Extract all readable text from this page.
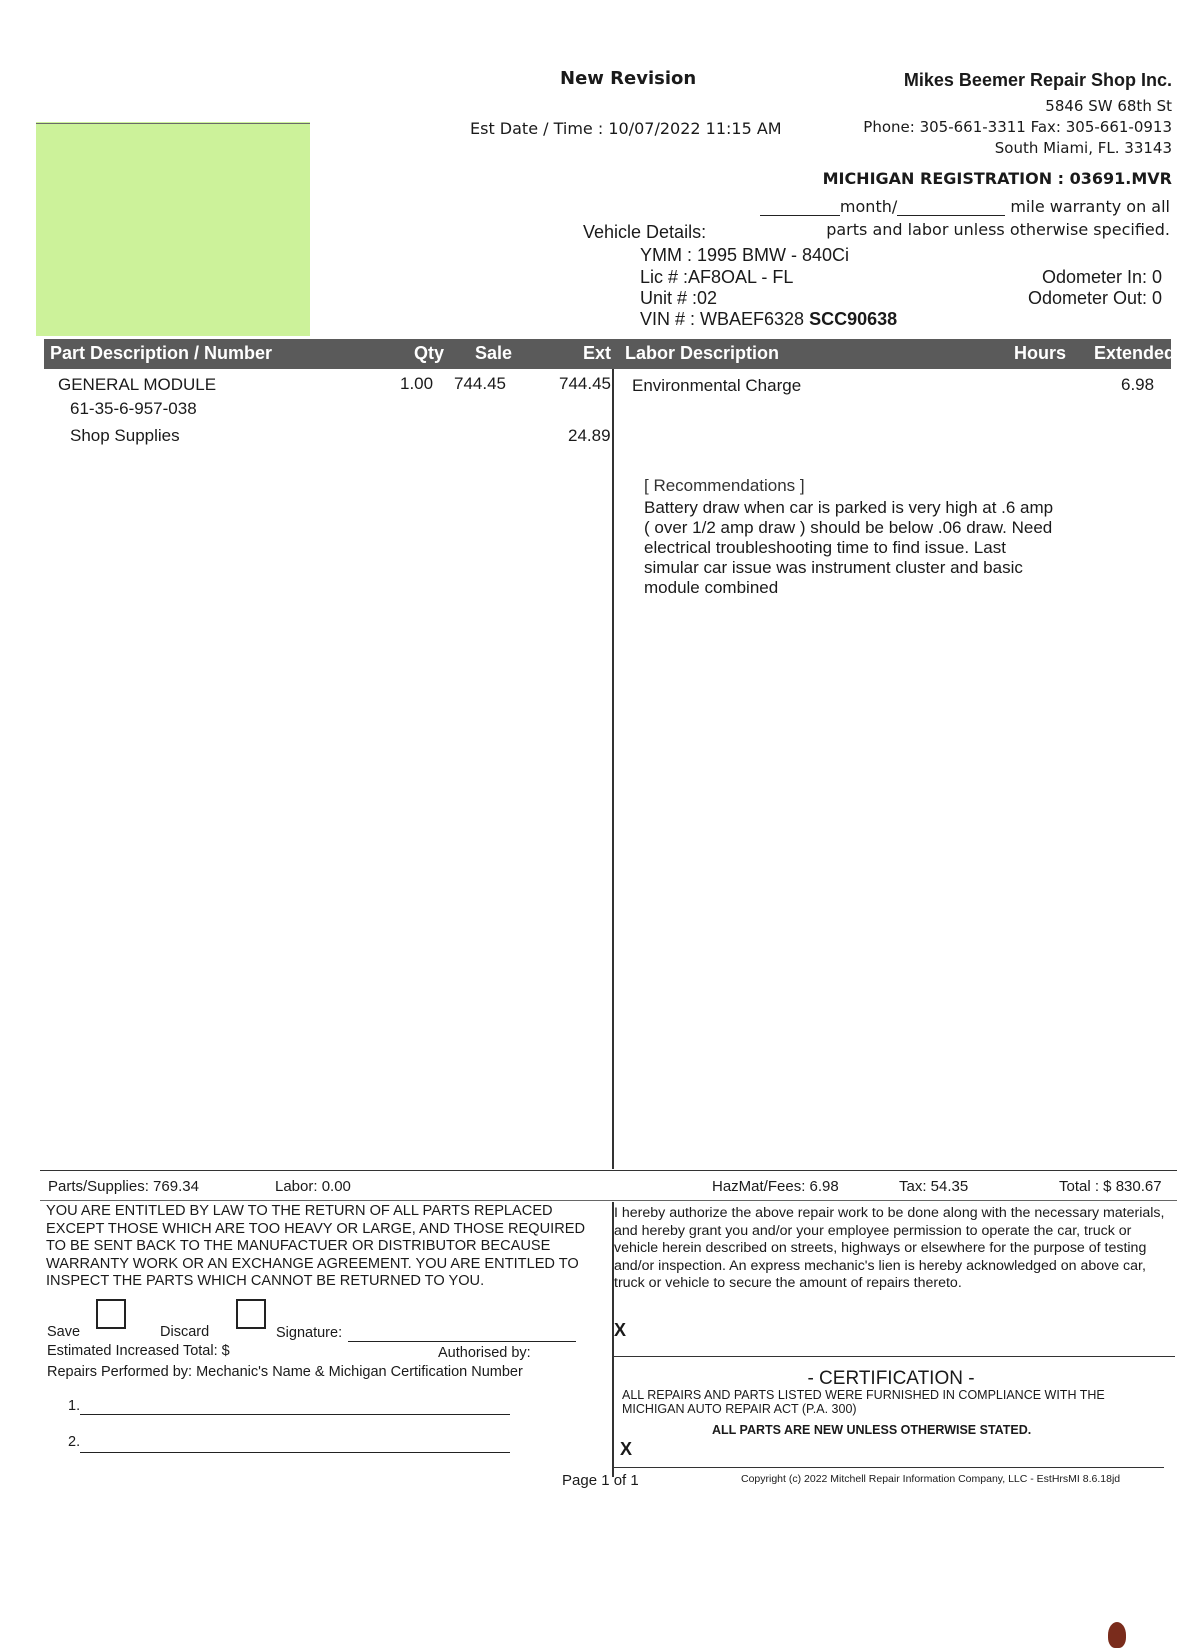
New Revision
Est Date / Time : 10/07/2022 11:15 AM
Mikes Beemer Repair Shop Inc.
5846 SW 68th St
Phone: 305-661-3311 Fax: 305-661-0913
South Miami, FL. 33143
MICHIGAN REGISTRATION : 03691.MVR
month/	mile warranty on all
parts and labor unless otherwise specified.
Vehicle Details:
YMM : 1995 BMW - 840Ci
Lic # :AF8OAL - FL
Unit # :02
VIN # : WBAEF6328 SCC90638
Odometer In: 0
Odometer Out: 0
Part Description / Number	Qty Sale	Ext Labor Description	Hours Extended
GENERAL MODULE	1.00 744.45	744.45
61-35-6-957-038
Shop Supplies	24.89
Environmental Charge	6.98
[ Recommendations ]
Battery draw when car is parked is very high at .6 amp
( over 1/2 amp draw ) should be below .06 draw. Need
electrical troubleshooting time to find issue. Last
simular car issue was instrument cluster and basic
module combined
Parts/Supplies: 769.34	Labor: 0.00	HazMat/Fees: 6.98	Tax: 54.35	Total : $ 830.67
YOU ARE ENTITLED BY LAW TO THE RETURN OF ALL PARTS REPLACED EXCEPT THOSE WHICH ARE TOO HEAVY OR LARGE, AND THOSE REQUIRED TO BE SENT BACK TO THE MANUFACTUER OR DISTRIBUTOR BECAUSE WARRANTY WORK OR AN EXCHANGE AGREEMENT. YOU ARE ENTITLED TO INSPECT THE PARTS WHICH CANNOT BE RETURNED TO YOU.
Save	Discard	Signature:
Estimated Increased Total: $	Authorised by:
Repairs Performed by: Mechanic's Name & Michigan Certification Number
1.
2.
I hereby authorize the above repair work to be done along with the necessary materials, and hereby grant you and/or your employee permission to operate the car, truck or vehicle herein described on streets, highways or elsewhere for the purpose of testing and/or inspection. An express mechanic's lien is hereby acknowledged on above car, truck or vehicle to secure the amount of repairs thereto.
X
- CERTIFICATION -
ALL REPAIRS AND PARTS LISTED WERE FURNISHED IN COMPLIANCE WITH THE MICHIGAN AUTO REPAIR ACT (P.A. 300)
ALL PARTS ARE NEW UNLESS OTHERWISE STATED.
X
Page 1 of 1	Copyright (c) 2022 Mitchell Repair Information Company, LLC - EstHrsMI 8.6.18jd
